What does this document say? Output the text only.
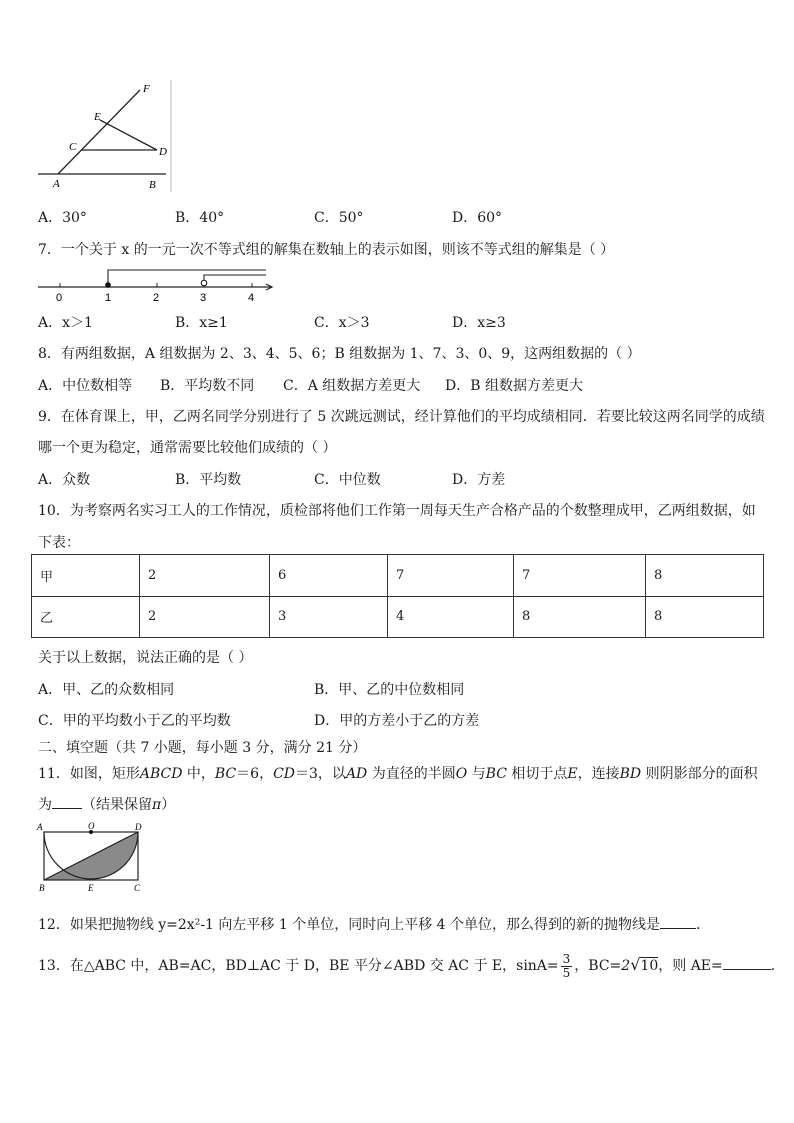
F
E
C	D
A	B
A．30°	B．40°	C．50°	D．60°
7．一个关于 x 的一元一次不等式组的解集在数轴上的表示如图，则该不等式组的解集是（ ）
0	1	2	3	4
A．x＞1	B．x≥1	C．x＞3	D．x≥3
8．有两组数据，A 组数据为 2、3、4、5、6；B 组数据为 1、7、3、0、9，这两组数据的（ ）
A．中位数相等 B．平均数不同 C．A 组数据方差更大 D．B 组数据方差更大
9．在体育课上，甲，乙两名同学分别进行了 5 次跳远测试，经计算他们的平均成绩相同．若要比较这两名同学的成绩
哪一个更为稳定，通常需要比较他们成绩的（ ）
A．众数	B．平均数	C．中位数	D．方差
10．为考察两名实习工人的工作情况，质检部将他们工作第一周每天生产合格产品的个数整理成甲，乙两组数据，如
下表：
甲	2	6	7	7	8
乙	2	3	4	8	8
关于以上数据，说法正确的是（ ）
A．甲、乙的众数相同	B．甲、乙的中位数相同
C．甲的平均数小于乙的平均数	D．甲的方差小于乙的方差
二、填空题（共 7 小题，每小题 3 分，满分 21 分）
11．如图，矩形ABCD 中，BC＝6，CD＝3，以AD 为直径的半圆O 与BC 相切于点E，连接BD 则阴影部分的面积
为 （结果保留π）
A	O	D
B	E	C
12．如果把抛物线 y=2x²-1 向左平移 1 个单位，同时向上平移 4 个单位，那么得到的新的抛物线是	．
13．在△ABC 中，AB=AC，BD⊥AC 于 D，BE 平分∠ABD 交 AC 于 E，$\sin A= \frac{3}{5}$ ，BC=2√10，则 AE=	.
